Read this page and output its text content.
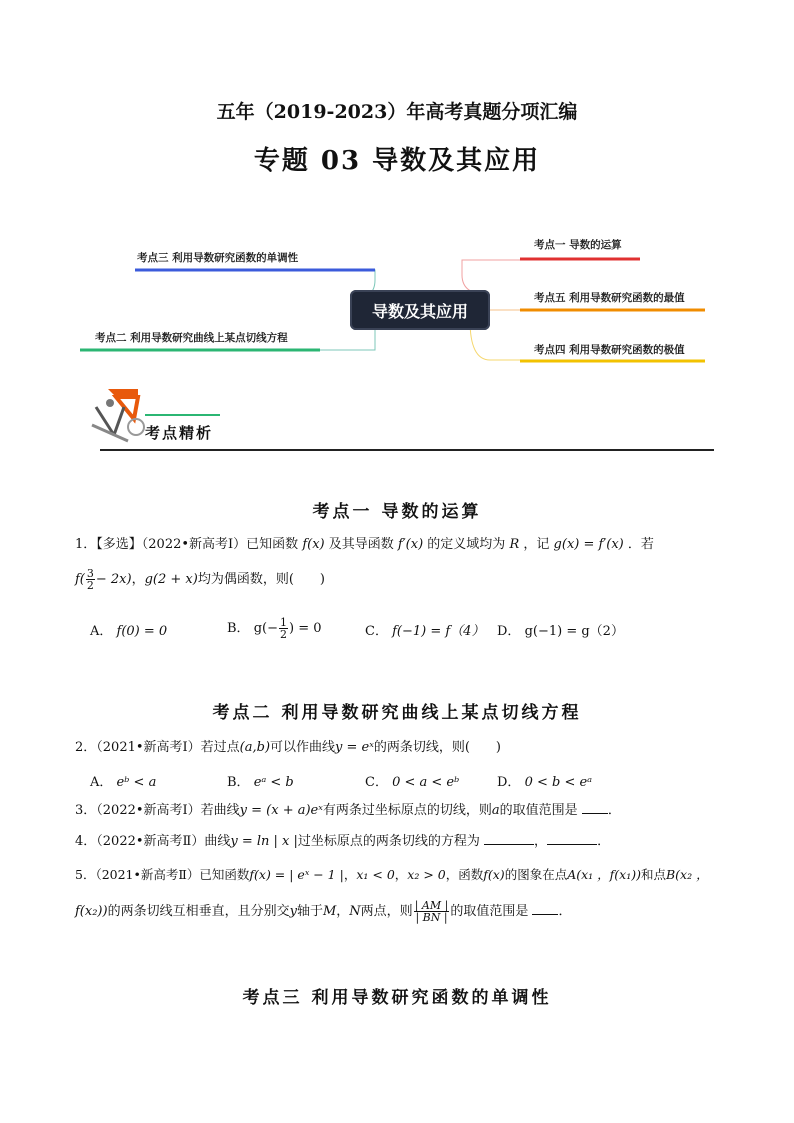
五年（2019-2023）年高考真题分项汇编
专题 03 导数及其应用
考点三 利用导数研究函数的单调性
考点二 利用导数研究曲线上某点切线方程
考点一 导数的运算
考点五 利用导数研究函数的最值
考点四 利用导数研究函数的极值
导数及其应用
考点精析
考点一 导数的运算
1．【多选】（2022•新高考Ⅰ）已知函数 f(x) 及其导函数 f′(x) 的定义域均为 R ，记 g(x) = f′(x) ．若
$f( \frac{3}{2} - 2x)$，g(2 + x)均为偶函数，则(　　)
A． f(0) = 0	B． $g(- \frac{1}{2}$ ) = 0	C． f(−1) = f（4） D． g(−1) = g（2）
考点二 利用导数研究曲线上某点切线方程
2．（2021•新高考Ⅰ）若过点(a,b)可以作曲线y = eˣ的两条切线，则(　　)
A． eᵇ < a	B． eᵃ < b	C． 0 < a < eᵇ	D． 0 < b < eᵃ
3．（2022•新高考Ⅰ）若曲线y = (x + a)eˣ有两条过坐标原点的切线，则a的取值范围是 ．
4．（2022•新高考Ⅱ）曲线y = ln | x |过坐标原点的两条切线的方程为	，	．
5．（2021•新高考Ⅱ）已知函数f(x) = | eˣ − 1 |，x₁ < 0，x₂ > 0，函数f(x)的图象在点A(x₁ ，f(x₁))和点B(x₂ ，
f(x₂))的两条切线互相垂直，且分别交y轴于M，N两点，则 $\frac{| AM |}{| BN |}$ 的取值范围是 ．
考点三 利用导数研究函数的单调性
